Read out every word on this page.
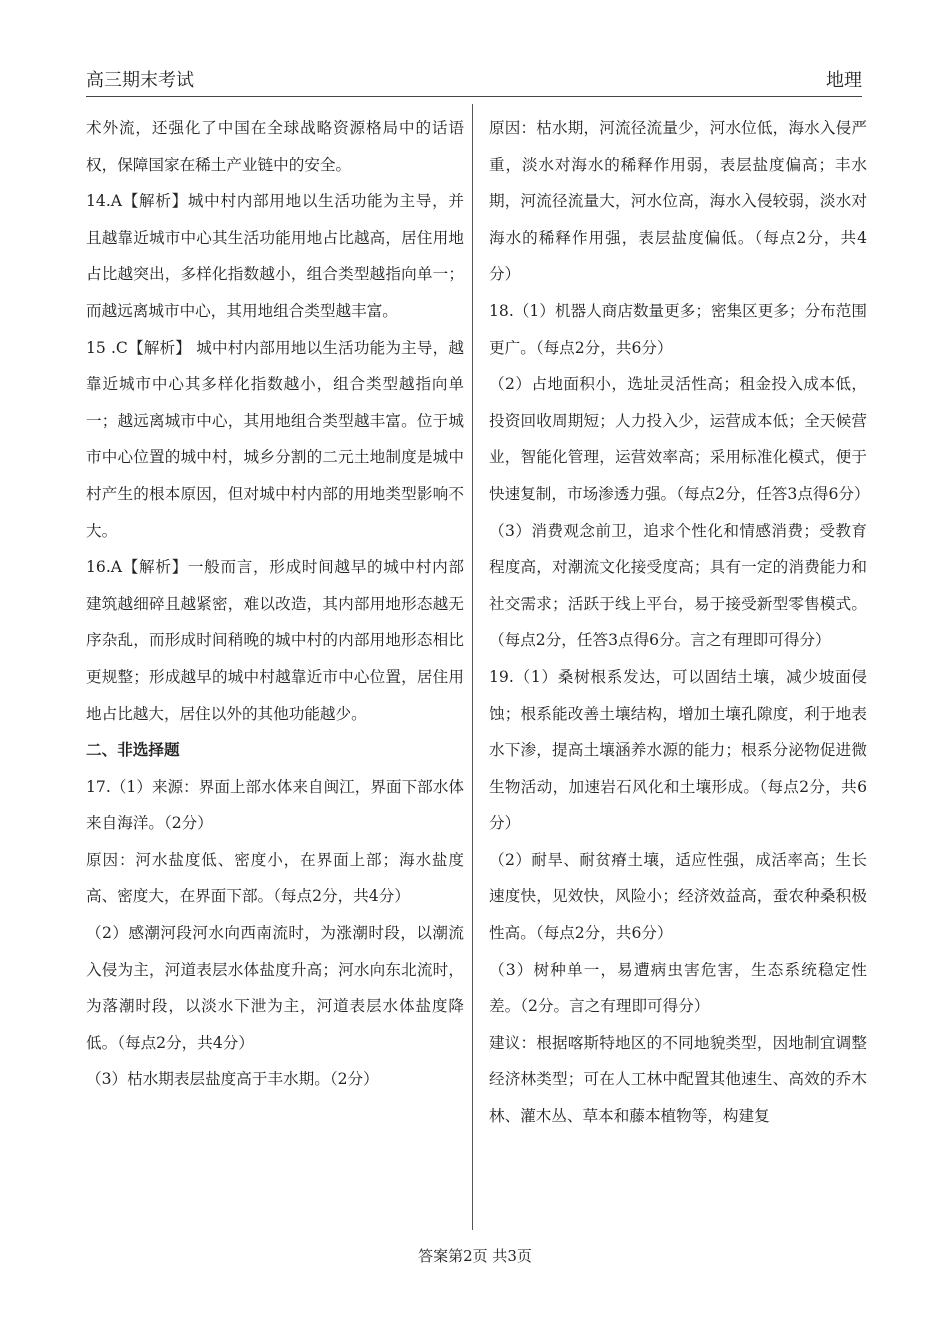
高三期末考试	地理

术外流，还强化了中国在全球战略资源格局中的话语权，保障国家在稀土产业链中的安全。

14.A【解析】城中村内部用地以生活功能为主导，并且越靠近城市中心其生活功能用地占比越高，居住用地占比越突出，多样化指数越小，组合类型越指向单一；而越远离城市中心，其用地组合类型越丰富。

15 .C【解析】 城中村内部用地以生活功能为主导，越靠近城市中心其多样化指数越小，组合类型越指向单一；越远离城市中心，其用地组合类型越丰富。位于城市中心位置的城中村，城乡分割的二元土地制度是城中村产生的根本原因，但对城中村内部的用地类型影响不大。

16.A【解析】一般而言，形成时间越早的城中村内部建筑越细碎且越紧密，难以改造，其内部用地形态越无序杂乱，而形成时间稍晚的城中村的内部用地形态相比更规整；形成越早的城中村越靠近市中心位置，居住用地占比越大，居住以外的其他功能越少。

二、非选择题

17.（1）来源：界面上部水体来自闽江，界面下部水体来自海洋。（2分）

原因：河水盐度低、密度小，在界面上部；海水盐度高、密度大，在界面下部。（每点2分，共4分）

（2）感潮河段河水向西南流时，为涨潮时段，以潮流入侵为主，河道表层水体盐度升高；河水向东北流时，为落潮时段，以淡水下泄为主，河道表层水体盐度降低。（每点2分，共4分）

（3）枯水期表层盐度高于丰水期。（2分）

原因：枯水期，河流径流量少，河水位低，海水入侵严重，淡水对海水的稀释作用弱，表层盐度偏高；丰水期，河流径流量大，河水位高，海水入侵较弱，淡水对海水的稀释作用强，表层盐度偏低。（每点2分，共4分）

18.（1）机器人商店数量更多；密集区更多；分布范围更广。（每点2分，共6分）

（2）占地面积小，选址灵活性高；租金投入成本低，投资回收周期短；人力投入少，运营成本低；全天候营业，智能化管理，运营效率高；采用标准化模式，便于快速复制，市场渗透力强。（每点2分，任答3点得6分）

（3）消费观念前卫，追求个性化和情感消费；受教育程度高，对潮流文化接受度高；具有一定的消费能力和社交需求；活跃于线上平台，易于接受新型零售模式。（每点2分，任答3点得6分。言之有理即可得分）

19.（1）桑树根系发达，可以固结土壤，减少坡面侵蚀；根系能改善土壤结构，增加土壤孔隙度，利于地表水下渗，提高土壤涵养水源的能力；根系分泌物促进微生物活动，加速岩石风化和土壤形成。（每点2分，共6分）

（2）耐旱、耐贫瘠土壤，适应性强，成活率高；生长速度快，见效快，风险小；经济效益高，蚕农种桑积极性高。（每点2分，共6分）

（3）树种单一，易遭病虫害危害，生态系统稳定性差。（2分。言之有理即可得分）

建议：根据喀斯特地区的不同地貌类型，因地制宜调整经济林类型；可在人工林中配置其他速生、高效的乔木林、灌木丛、草本和藤本植物等，构建复

答案第2页 共3页
